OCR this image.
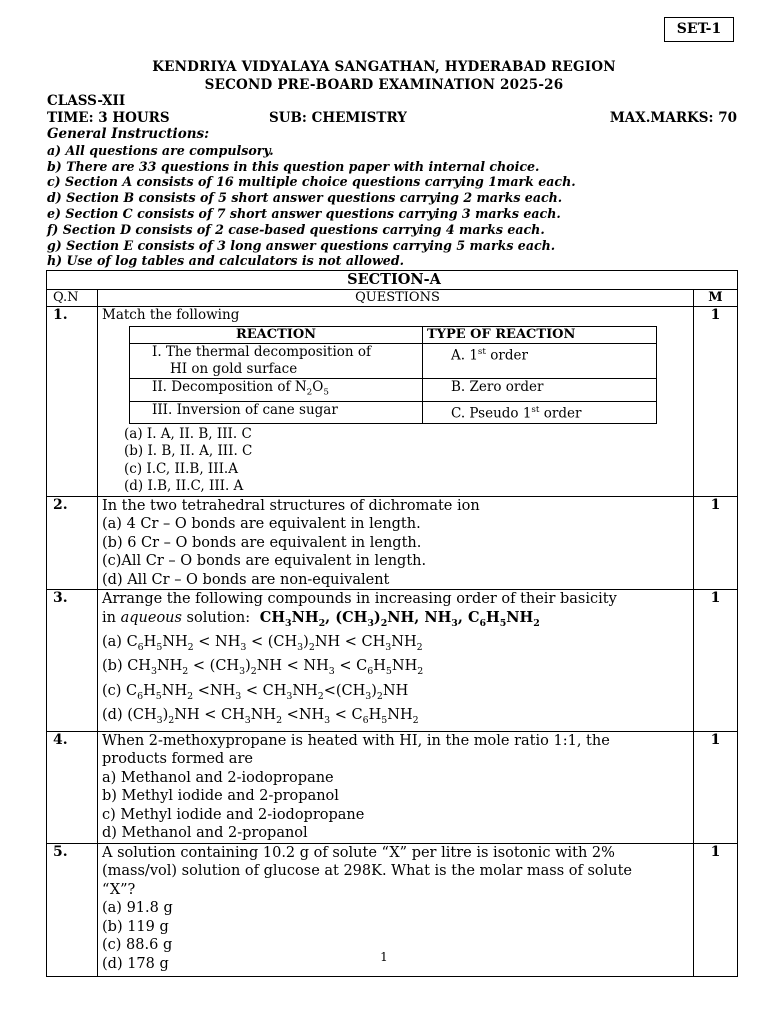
SET-1
KENDRIYA VIDYALAYA SANGATHAN, HYDERABAD REGION
SECOND PRE-BOARD EXAMINATION 2025-26
CLASS-XII
TIME: 3 HOURS	SUB: CHEMISTRY	MAX.MARKS: 70
General Instructions:
a) All questions are compulsory.
b) There are 33 questions in this question paper with internal choice.
c) Section A consists of 16 multiple choice questions carrying 1mark each.
d) Section B consists of 5 short answer questions carrying 2 marks each.
e) Section C consists of 7 short answer questions carrying 3 marks each.
f) Section D consists of 2 case-based questions carrying 4 marks each.
g) Section E consists of 3 long answer questions carrying 5 marks each.
h) Use of log tables and calculators is not allowed.
SECTION-A
Q.N	QUESTIONS	M
1.	Match the following
REACTION	TYPE OF REACTION

I. The thermal decomposition of
HI on gold surface
	A. 1st order
II. Decomposition of $N_2O_5$	B. Zero order
III. Inversion of cane sugar	C. Pseudo 1st order
(a) I. A, II. B, III. C
(b) I. B, II. A, III. C
(c) I.C, II.B, III.A
(d) I.B, II.C, III. A
	1
2.	In the two tetrahedral structures of dichromate ion
(a) 4 Cr – O bonds are equivalent in length.
(b) 6 Cr – O bonds are equivalent in length.
(c)All Cr – O bonds are equivalent in length.
(d) All Cr – O bonds are non-equivalent
	1
3.	Arrange the following compounds in increasing order of their basicity
in aqueous solution:  $CH_3NH_2$, $(CH_3)_2NH$, $NH_3$, $C_6H_5NH_2$
(a) $C_6H_5NH_2 < NH_3 < (CH_3)_2NH < CH_3NH_2$
(b) $CH_3NH_2 < (CH_3)_2NH < NH_3 < C_6H_5NH_2$
(c) $C_6H_5NH_2 <NH_3 < CH_3NH_2<(CH_3)_2NH$
(d) $(CH_3)_2NH < CH_3NH_2 <NH_3 < C_6H_5NH_2$
	1
4.	When 2-methoxypropane is heated with HI, in the mole ratio 1:1, the
products formed are
a) Methanol and 2-iodopropane
b) Methyl iodide and 2-propanol
c) Methyl iodide and 2-iodopropane
d) Methanol and 2-propanol
	1
5.	A solution containing 10.2 g of solute “X” per litre is isotonic with 2%
(mass/vol) solution of glucose at 298K. What is the molar mass of solute
“X”?
(a) 91.8 g
(b) 119 g
(c) 88.6 g
(d) 178 g
	1
1
